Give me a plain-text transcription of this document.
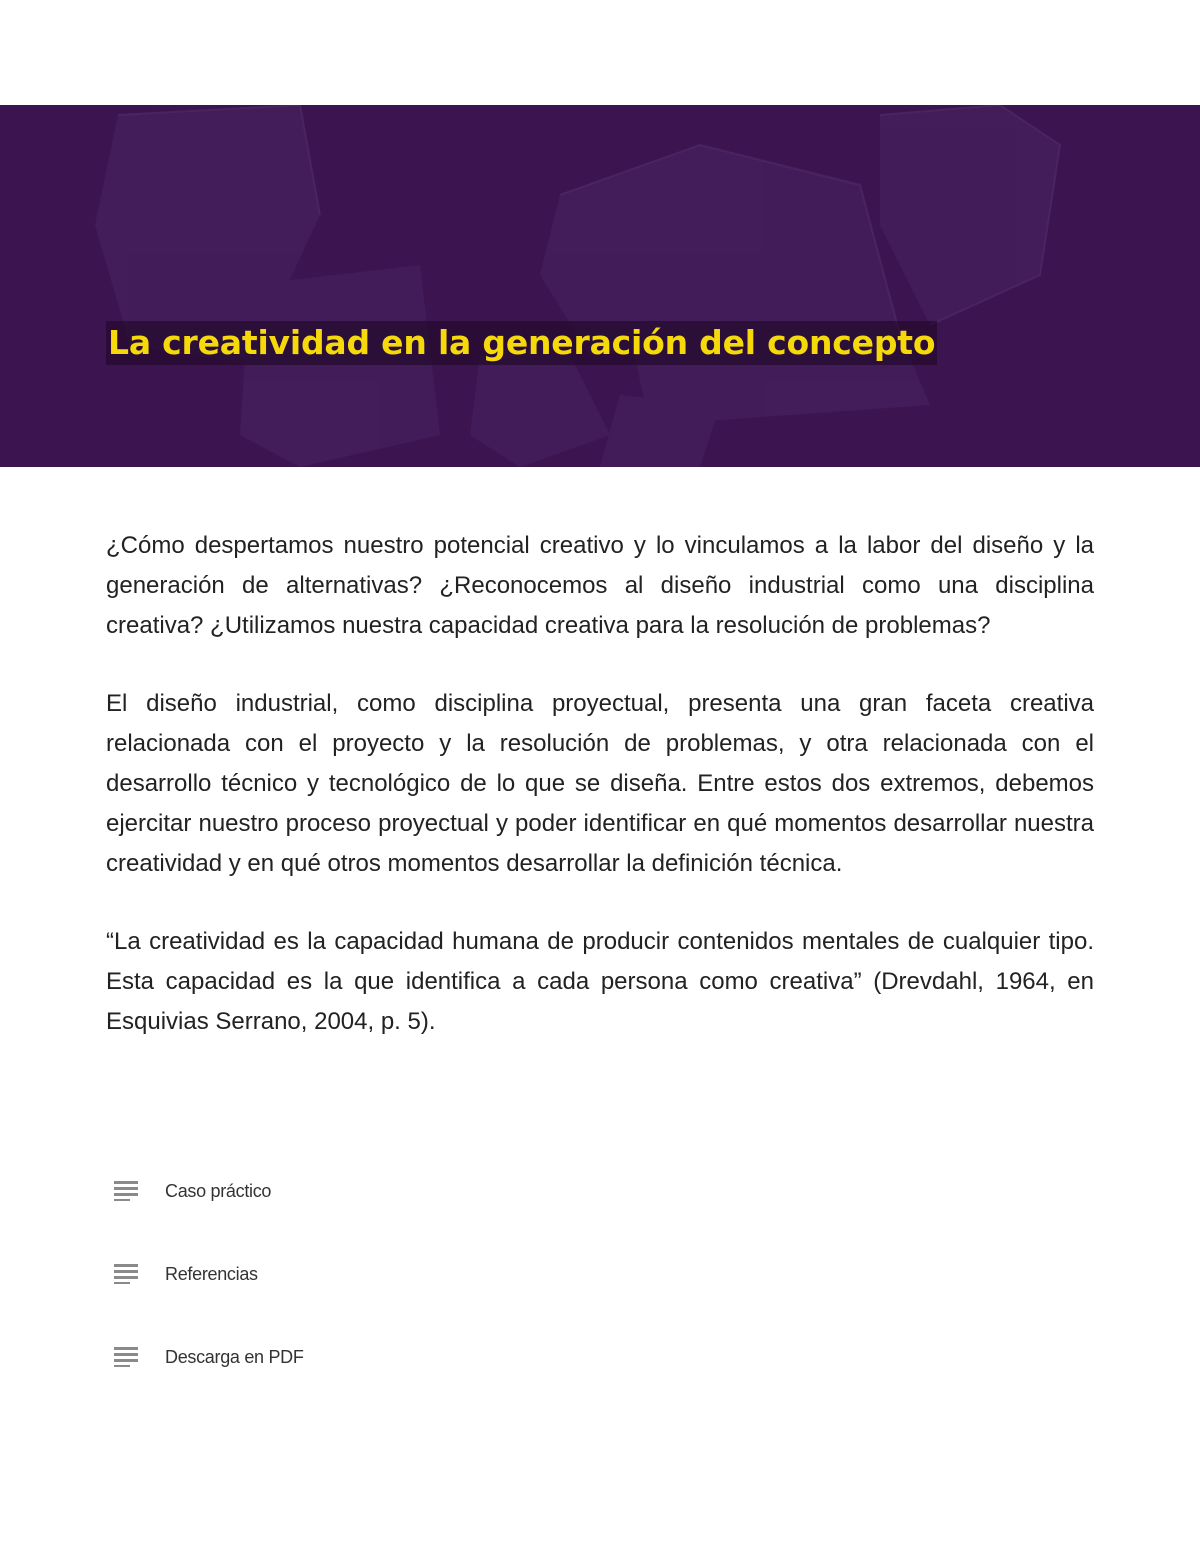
La creatividad en la generación del concepto

¿Cómo despertamos nuestro potencial creativo y lo vinculamos a la labor del diseño y la generación de alternativas? ¿Reconocemos al diseño industrial como una disciplina creativa? ¿Utilizamos nuestra capacidad creativa para la resolución de problemas?

El diseño industrial, como disciplina proyectual, presenta una gran faceta creativa relacionada con el proyecto y la resolución de problemas, y otra relacionada con el desarrollo técnico y tecnológico de lo que se diseña. Entre estos dos extremos, debemos ejercitar nuestro proceso proyectual y poder identificar en qué momentos desarrollar nuestra creatividad y en qué otros momentos desarrollar la definición técnica.

“La creatividad es la capacidad humana de producir contenidos mentales de cualquier tipo. Esta capacidad es la que identifica a cada persona como creativa” (Drevdahl, 1964, en Esquivias Serrano, 2004, p. 5).

Caso práctico
Referencias
Descarga en PDF
